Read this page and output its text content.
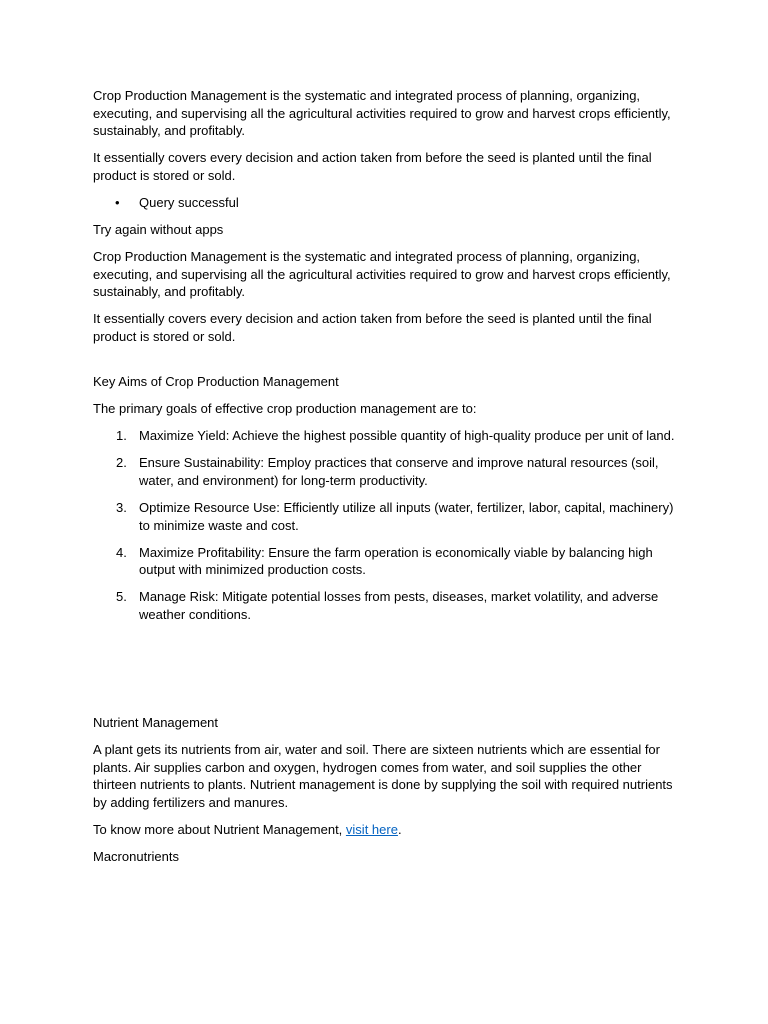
Crop Production Management is the systematic and integrated process of planning, organizing, executing, and supervising all the agricultural activities required to grow and harvest crops efficiently, sustainably, and profitably.

It essentially covers every decision and action taken from before the seed is planted until the final product is stored or sold.

• Query successful

Try again without apps

Crop Production Management is the systematic and integrated process of planning, organizing, executing, and supervising all the agricultural activities required to grow and harvest crops efficiently, sustainably, and profitably.

It essentially covers every decision and action taken from before the seed is planted until the final product is stored or sold.

Key Aims of Crop Production Management

The primary goals of effective crop production management are to:

1. Maximize Yield: Achieve the highest possible quantity of high-quality produce per unit of land.
2. Ensure Sustainability: Employ practices that conserve and improve natural resources (soil, water, and environment) for long-term productivity.
3. Optimize Resource Use: Efficiently utilize all inputs (water, fertilizer, labor, capital, machinery) to minimize waste and cost.
4. Maximize Profitability: Ensure the farm operation is economically viable by balancing high output with minimized production costs.
5. Manage Risk: Mitigate potential losses from pests, diseases, market volatility, and adverse weather conditions.

Nutrient Management

A plant gets its nutrients from air, water and soil. There are sixteen nutrients which are essential for plants. Air supplies carbon and oxygen, hydrogen comes from water, and soil supplies the other thirteen nutrients to plants. Nutrient management is done by supplying the soil with required nutrients by adding fertilizers and manures.

To know more about Nutrient Management, visit here.

Macronutrients
